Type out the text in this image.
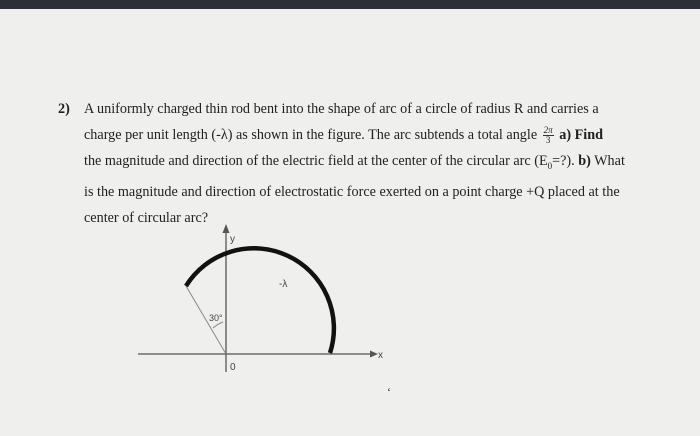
2) A uniformly charged thin rod bent into the shape of arc of a circle of radius R and carries a
charge per unit length (-λ) as shown in the figure. The arc subtends a total angle $\frac{2\pi}{3} a$) Find
the magnitude and direction of the electric field at the center of the circular arc $(E_0=?)$. b) What
is the magnitude and direction of electrostatic force exerted on a point charge +Q placed at the
center of circular arc?
y
x
0
30°
-λ
‘
